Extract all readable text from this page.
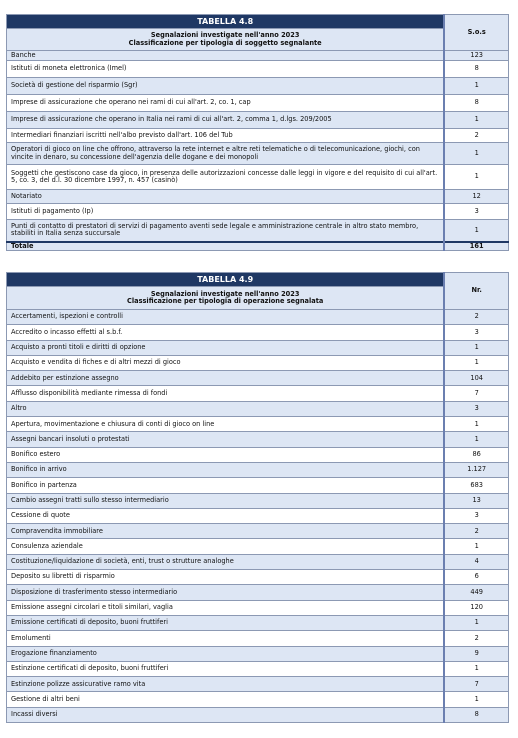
TABELLA 4.8	S.o.s

Segnalazioni investigate nell'anno 2023
Classificazione per tipologia di soggetto segnalante	

Banche	123
Istituti di moneta elettronica (Imel)	8
Società di gestione del risparmio (Sgr)	1
Imprese di assicurazione che operano nei rami di cui all'art. 2, co. 1, cap	8
Imprese di assicurazione che operano in Italia nei rami di cui all'art. 2, comma 1, d.lgs. 209/2005	1
Intermediari finanziari iscritti nell'albo previsto dall'art. 106 del Tub	2
Operatori di gioco on line che offrono, attraverso la rete internet e altre reti telematiche o di telecomunicazione, giochi, con vincite in denaro, su concessione dell'agenzia delle dogane e dei monopoli	1
Soggetti che gestiscono case da gioco, in presenza delle autorizzazioni concesse dalle leggi in vigore e del requisito di cui all'art. 5, co. 3, del d.l. 30 dicembre 1997, n. 457 (casinò)	1
Notariato	12
Istituti di pagamento (Ip)	3
Punti di contatto di prestatori di servizi di pagamento aventi sede legale e amministrazione centrale in altro stato membro, stabiliti in Italia senza succursale	1
Totale	161
TABELLA 4.9	Nr.

Segnalazioni investigate nell'anno 2023
Classificazione per tipologia di operazione segnalata	

Accertamenti, ispezioni e controlli	2
Accredito o incasso effetti al s.b.f.	3
Acquisto a pronti titoli e diritti di opzione	1
Acquisto e vendita di fiches e di altri mezzi di gioco	1
Addebito per estinzione assegno	104
Afflusso disponibilità mediante rimessa di fondi	7
Altro	3
Apertura, movimentazione e chiusura di conti di gioco on line	1
Assegni bancari insoluti o protestati	1
Bonifico estero	86
Bonifico in arrivo	1.127
Bonifico in partenza	683
Cambio assegni tratti sullo stesso intermediario	13
Cessione di quote	3
Compravendita immobiliare	2
Consulenza aziendale	1
Costituzione/liquidazione di società, enti, trust o strutture analoghe	4
Deposito su libretti di risparmio	6
Disposizione di trasferimento stesso intermediario	449
Emissione assegni circolari e titoli similari, vaglia	120
Emissione certificati di deposito, buoni fruttiferi	1
Emolumenti	2
Erogazione finanziamento	9
Estinzione certificati di deposito, buoni fruttiferi	1
Estinzione polizze assicurative ramo vita	7
Gestione di altri beni	1
Incassi diversi	8
